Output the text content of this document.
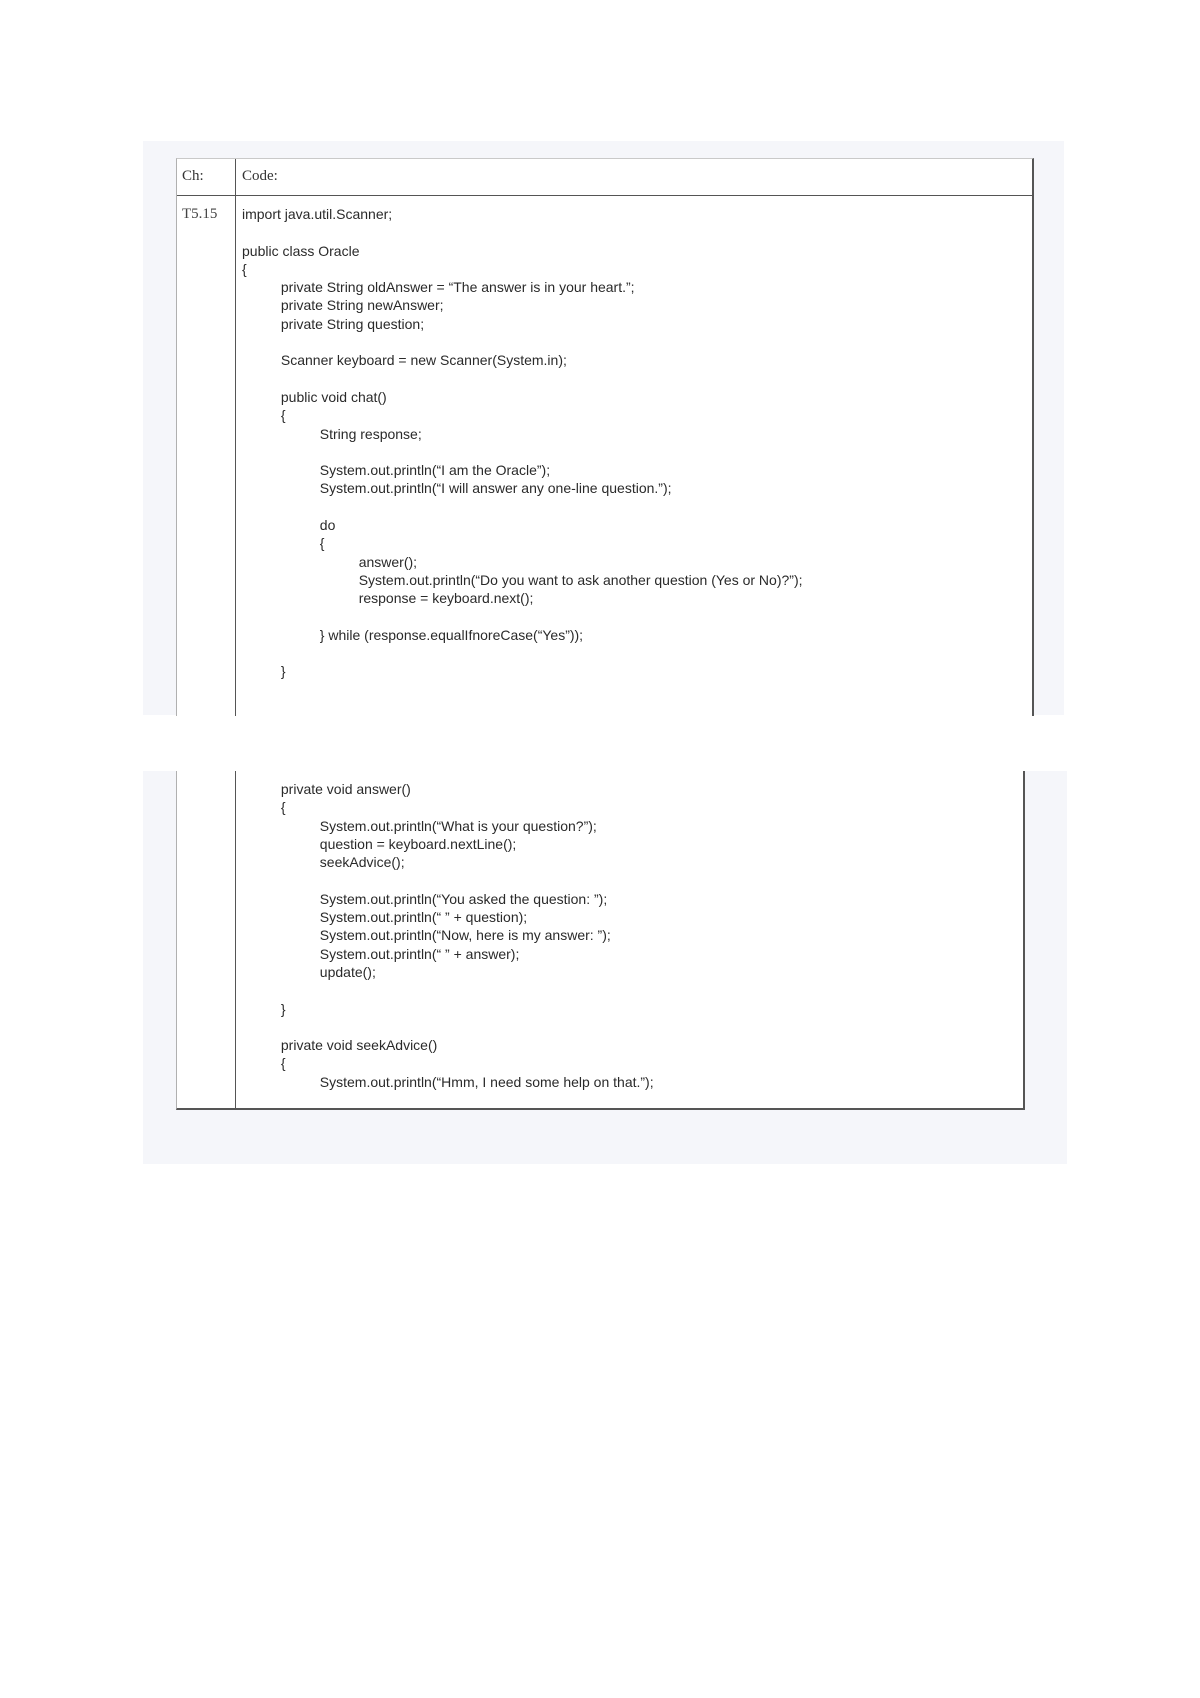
Ch:	Code:
T5.15 import java.util.Scanner;

public class Oracle
{
private String oldAnswer = “The answer is in your heart.”;
private String newAnswer;
private String question;

Scanner keyboard = new Scanner(System.in);

public void chat()
{
String response;

System.out.println(“I am the Oracle”);
System.out.println(“I will answer any one-line question.”);

do
{
answer();
System.out.println(“Do you want to ask another question (Yes or No)?”);
response = keyboard.next();

} while (response.equalIfnoreCase(“Yes”));

}
private void answer()
{
System.out.println(“What is your question?”);
question = keyboard.nextLine();
seekAdvice();

System.out.println(“You asked the question: ”);
System.out.println(“ ” + question);
System.out.println(“Now, here is my answer: ”);
System.out.println(“ ” + answer);
update();

}

private void seekAdvice()
{
System.out.println(“Hmm, I need some help on that.”);
